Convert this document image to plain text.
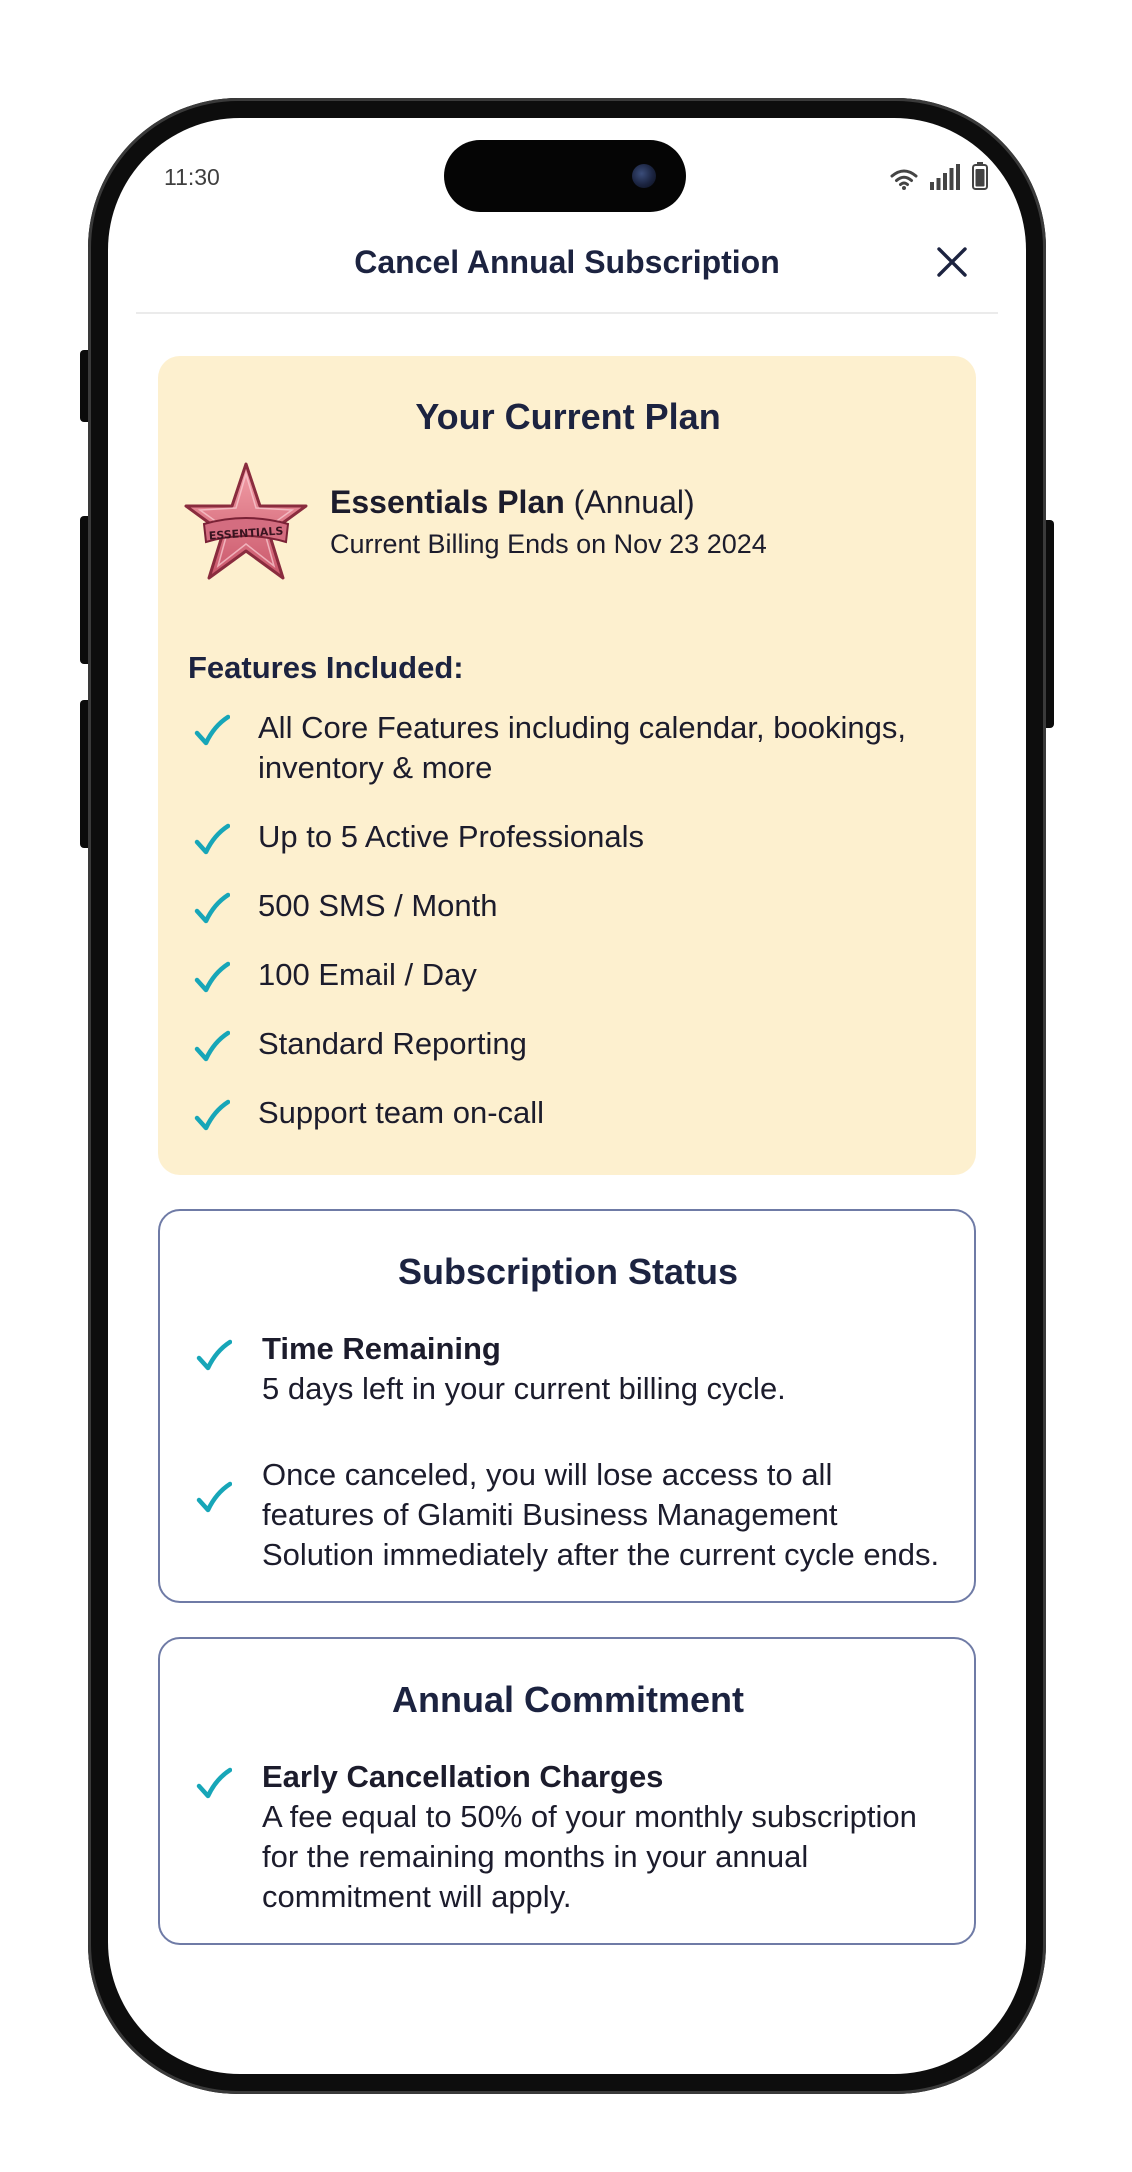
11:30
Cancel Annual Subscription
Your Current Plan
ESSENTIALS
Essentials Plan (Annual)
Current Billing Ends on Nov 23 2024
Features Included:
All Core Features including calendar, bookings, inventory & more
Up to 5 Active Professionals
500 SMS / Month
100 Email / Day
Standard Reporting
Support team on-call
Subscription Status
Time Remaining
5 days left in your current billing cycle.
Once canceled, you will lose access to all features of Glamiti Business Management Solution immediately after the current cycle ends.
Annual Commitment
Early Cancellation Charges
A fee equal to 50% of your monthly subscription for the remaining months in your annual commitment will apply.
